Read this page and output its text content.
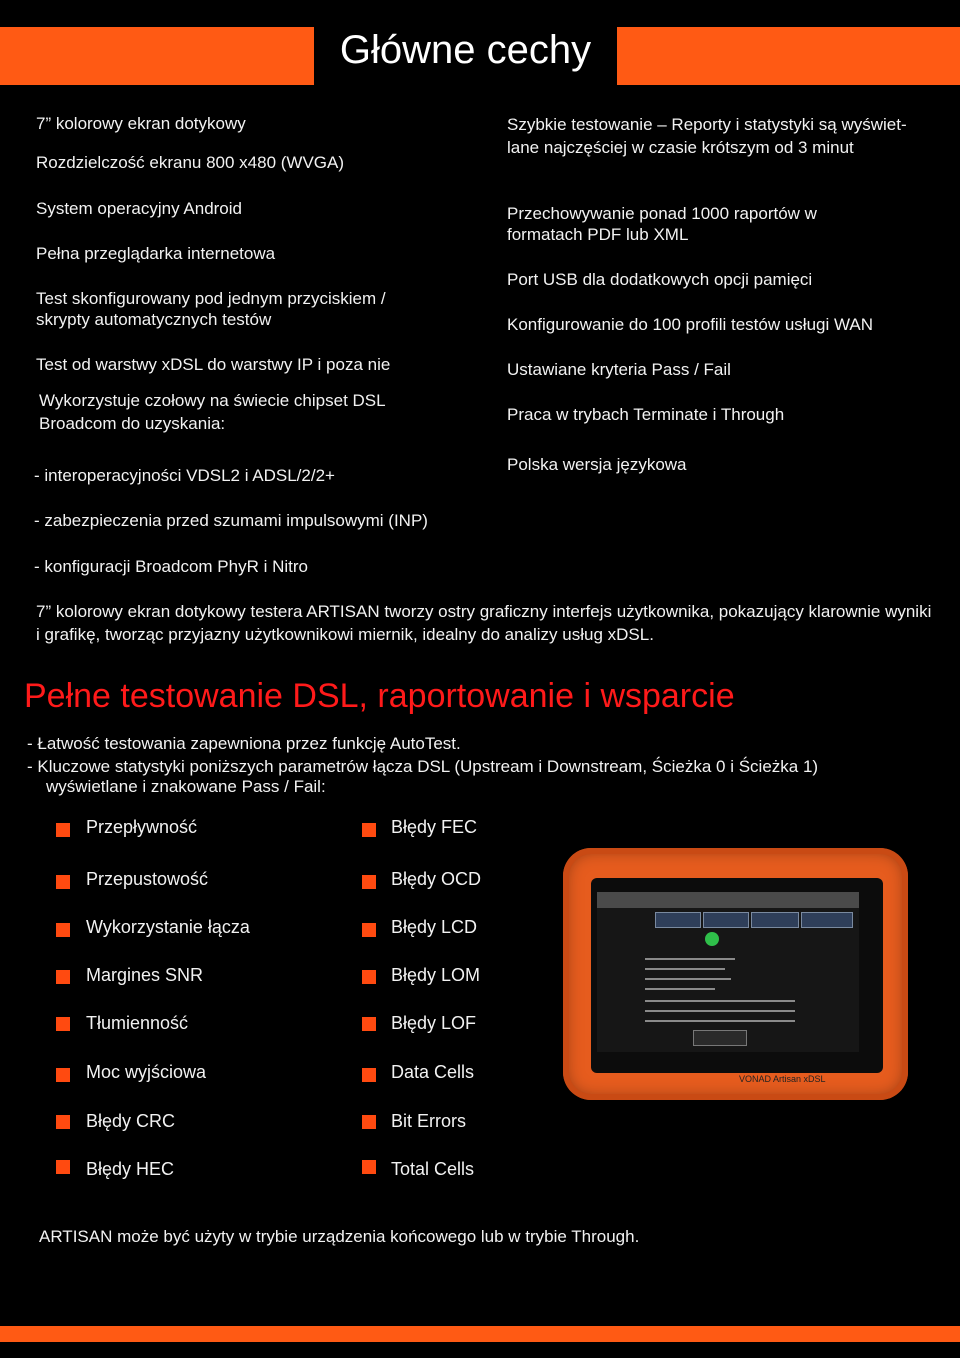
Główne cechy
7” kolorowy ekran dotykowy
Rozdzielczość ekranu 800 x480 (WVGA)
System operacyjny Android
Pełna przeglądarka internetowa
Test skonfigurowany pod jednym przyciskiem / skrypty automatycznych testów
Test od warstwy xDSL do warstwy IP i poza nie
Wykorzystuje czołowy na świecie chipset DSL Broadcom do uzyskania:
- interoperacyjności VDSL2 i ADSL/2/2+
- zabezpieczenia przed szumami impulsowymi (INP)
- konfiguracji Broadcom PhyR i Nitro
Szybkie testowanie – Reporty i statystyki są wyświet- lane najczęściej w czasie krótszym od 3 minut
Przechowywanie ponad 1000 raportów w formatach PDF lub XML
Port USB dla dodatkowych opcji pamięci
Konfigurowanie do 100 profili testów usługi WAN
Ustawiane kryteria Pass / Fail
Praca w trybach Terminate i Through
Polska wersja językowa
7” kolorowy ekran dotykowy testera ARTISAN tworzy ostry graficzny interfejs użytkownika, pokazujący klarownie wyniki i grafikę, tworząc przyjazny użytkownikowi miernik, idealny do analizy usług xDSL.
Pełne testowanie DSL, raportowanie i wsparcie
- Łatwość testowania zapewniona przez funkcję AutoTest.
- Kluczowe statystyki poniższych parametrów łącza DSL (Upstream i Downstream, Ścieżka 0 i Ścieżka 1)
wyświetlane i znakowane Pass / Fail:
Przepływność
Przepustowość
Wykorzystanie łącza
Margines SNR
Tłumienność
Moc wyjściowa
Błędy CRC
Błędy HEC
Błędy FEC
Błędy OCD
Błędy LCD
Błędy LOM
Błędy LOF
Data Cells
Bit Errors
Total Cells
VONAD Artisan xDSL
ARTISAN może być użyty w trybie urządzenia końcowego lub w trybie Through.
